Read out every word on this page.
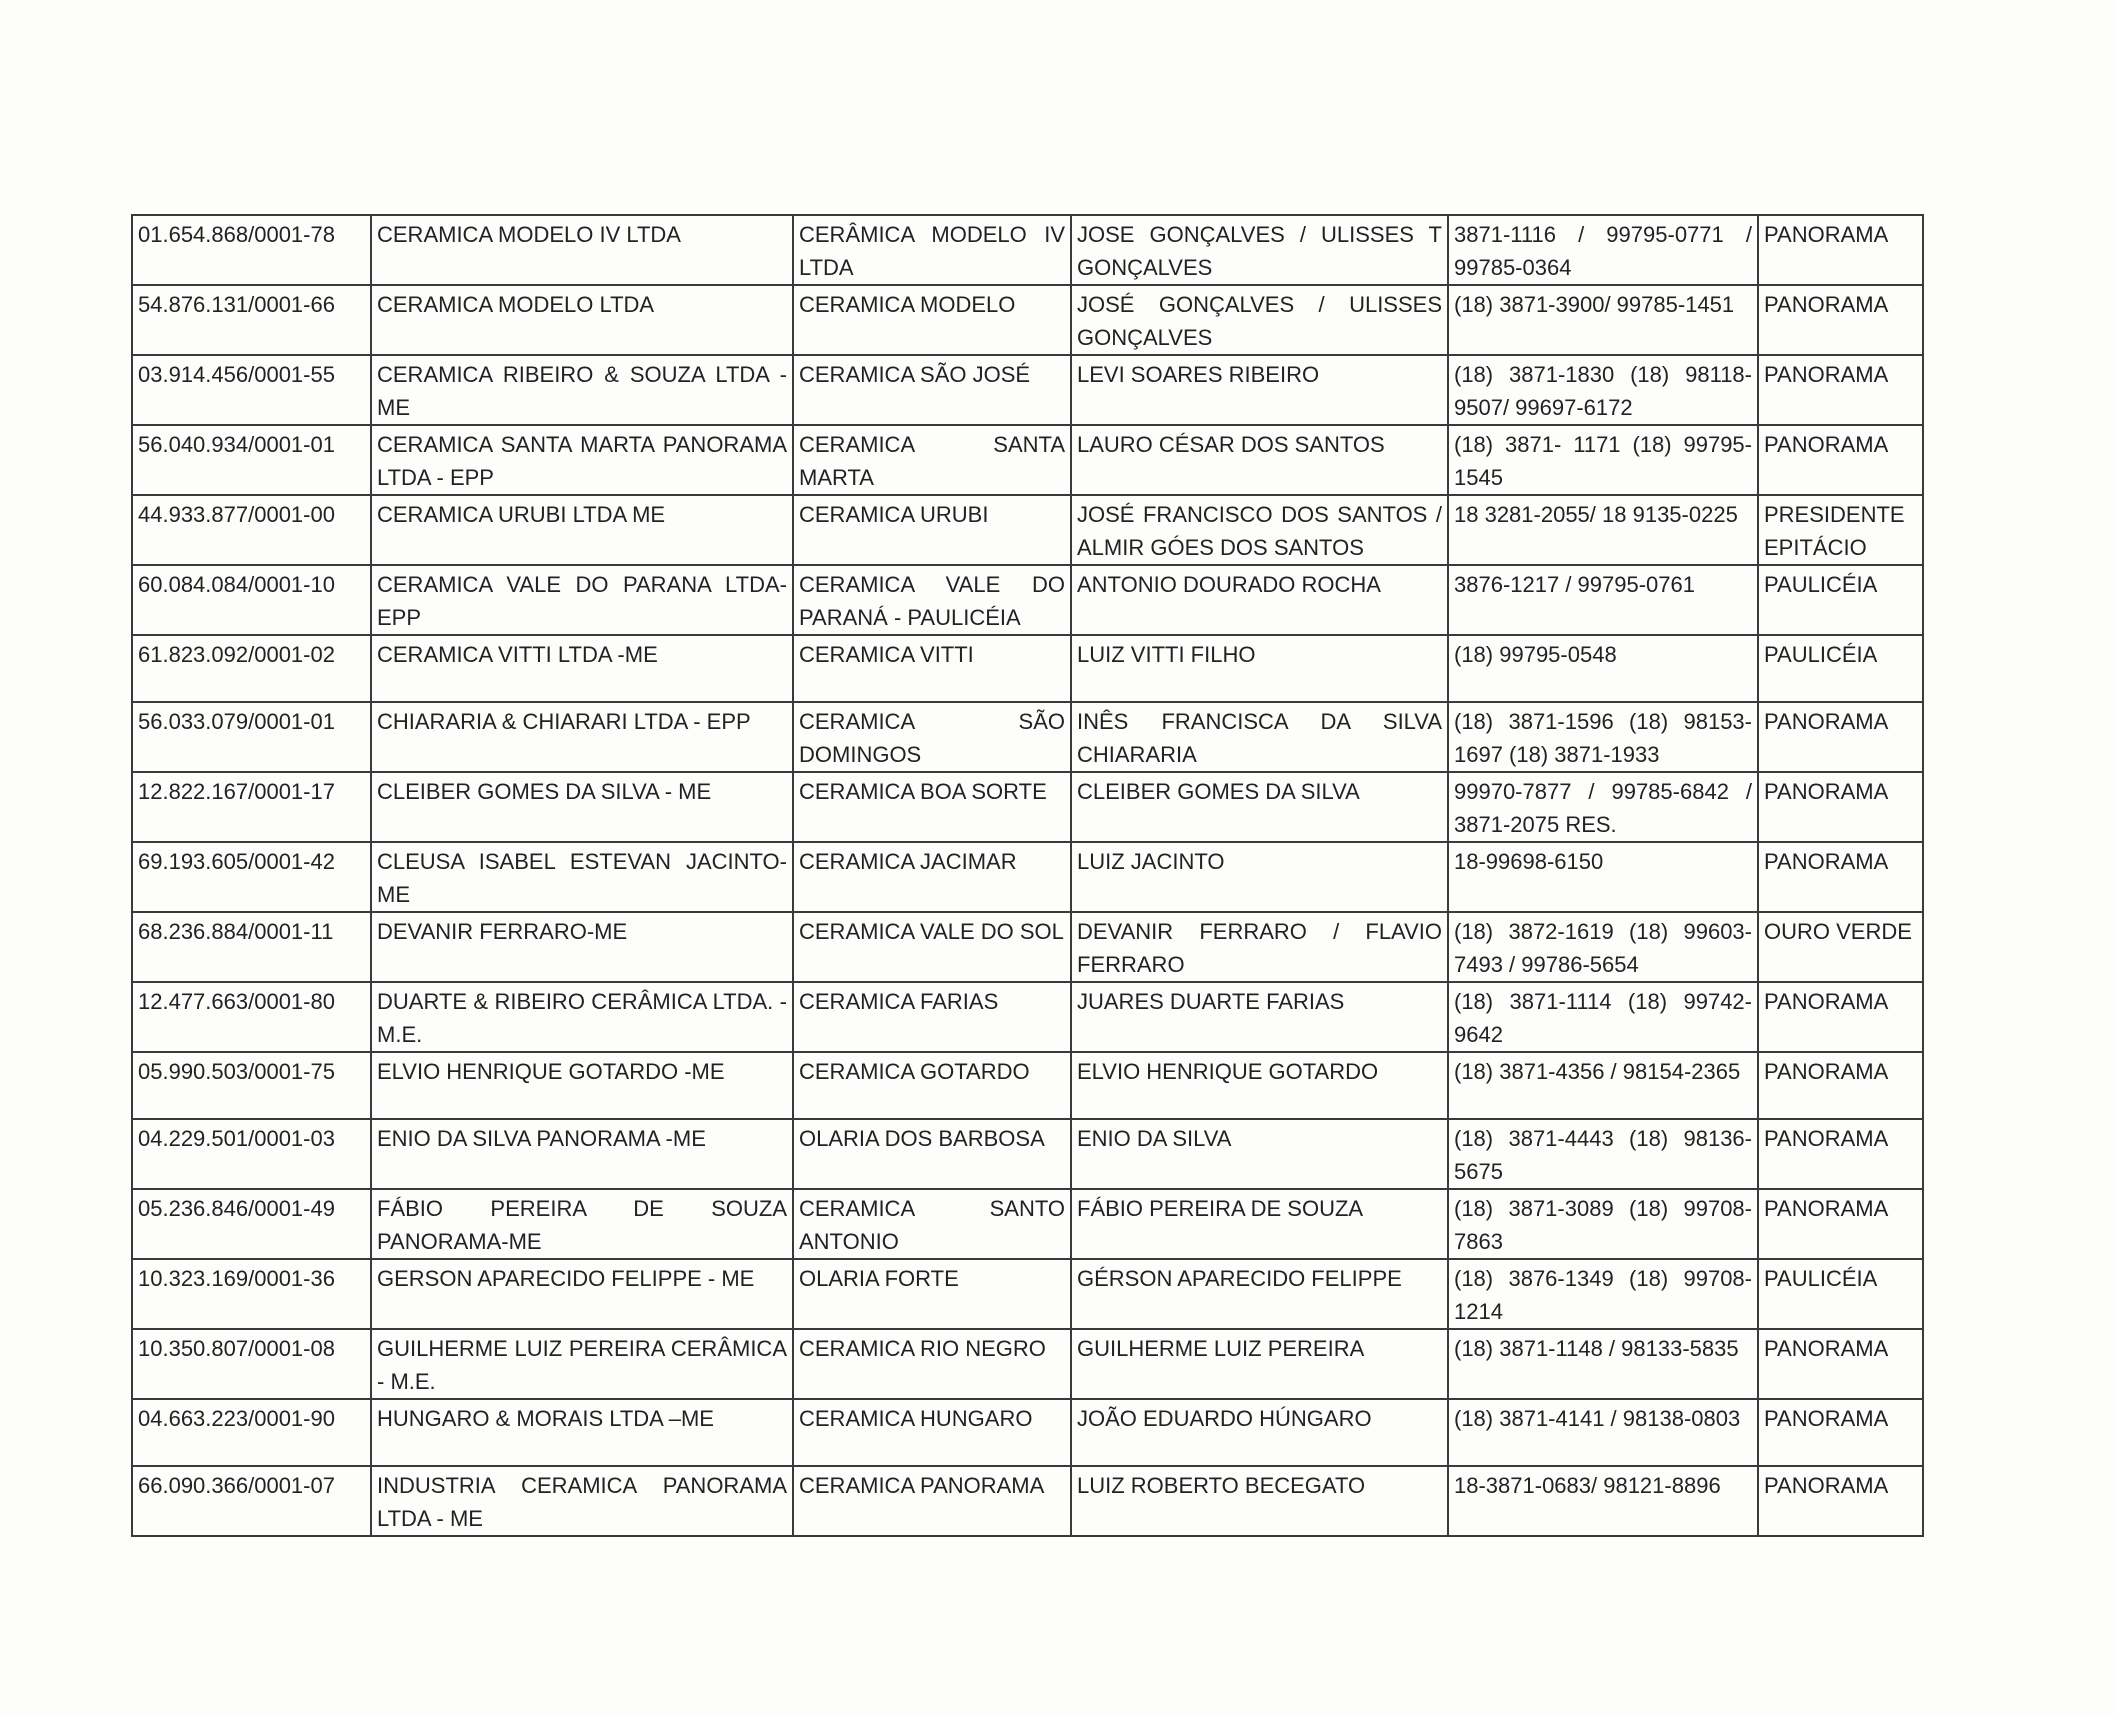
01.654.868/0001-78	CERAMICA MODELO IV LTDA	CERÂMICA MODELO IV LTDA	JOSE GONÇALVES / ULISSES T GONÇALVES	3871-1116 / 99795-0771 / 99785-0364	PANORAMA
54.876.131/0001-66	CERAMICA MODELO LTDA	CERAMICA MODELO	JOSÉ GONÇALVES / ULISSES GONÇALVES	(18) 3871-3900/ 99785-1451	PANORAMA
03.914.456/0001-55	CERAMICA RIBEIRO & SOUZA LTDA - ME	CERAMICA SÃO JOSÉ	LEVI SOARES RIBEIRO	(18) 3871-1830 (18) 98118-9507/ 99697-6172	PANORAMA
56.040.934/0001-01	CERAMICA SANTA MARTA PANORAMA LTDA - EPP	CERAMICA SANTA MARTA	LAURO CÉSAR DOS SANTOS	(18) 3871- 1171 (18) 99795-1545	PANORAMA
44.933.877/0001-00	CERAMICA URUBI LTDA ME	CERAMICA URUBI	JOSÉ FRANCISCO DOS SANTOS / ALMIR GÓES DOS SANTOS	18 3281-2055/ 18 9135-0225	PRESIDENTE EPITÁCIO
60.084.084/0001-10	CERAMICA VALE DO PARANA LTDA-EPP	CERAMICA VALE DO PARANÁ - PAULICÉIA	ANTONIO DOURADO ROCHA	3876-1217 / 99795-0761	PAULICÉIA
61.823.092/0001-02	CERAMICA VITTI LTDA -ME	CERAMICA VITTI	LUIZ VITTI FILHO	(18) 99795-0548	PAULICÉIA
56.033.079/0001-01	CHIARARIA & CHIARARI LTDA - EPP	CERAMICA SÃO DOMINGOS	INÊS FRANCISCA DA SILVA CHIARARIA	(18) 3871-1596 (18) 98153-1697 (18) 3871-1933	PANORAMA
12.822.167/0001-17	CLEIBER GOMES DA SILVA - ME	CERAMICA BOA SORTE	CLEIBER GOMES DA SILVA	99970-7877 / 99785-6842 / 3871-2075 RES.	PANORAMA
69.193.605/0001-42	CLEUSA ISABEL ESTEVAN JACINTO- ME	CERAMICA JACIMAR	LUIZ JACINTO	18-99698-6150	PANORAMA
68.236.884/0001-11	DEVANIR FERRARO-ME	CERAMICA VALE DO SOL	DEVANIR FERRARO / FLAVIO FERRARO	(18) 3872-1619 (18) 99603-7493 / 99786-5654	OURO VERDE
12.477.663/0001-80	DUARTE & RIBEIRO CERÂMICA LTDA. - M.E.	CERAMICA FARIAS	JUARES DUARTE FARIAS	(18) 3871-1114 (18) 99742-9642	PANORAMA
05.990.503/0001-75	ELVIO HENRIQUE GOTARDO -ME	CERAMICA GOTARDO	ELVIO HENRIQUE GOTARDO	(18) 3871-4356 / 98154-2365	PANORAMA
04.229.501/0001-03	ENIO DA SILVA PANORAMA -ME	OLARIA DOS BARBOSA	ENIO DA SILVA	(18) 3871-4443 (18) 98136-5675	PANORAMA
05.236.846/0001-49	FÁBIO PEREIRA DE SOUZA PANORAMA-ME	CERAMICA SANTO ANTONIO	FÁBIO PEREIRA DE SOUZA	(18) 3871-3089 (18) 99708-7863	PANORAMA
10.323.169/0001-36	GERSON APARECIDO FELIPPE - ME	OLARIA FORTE	GÉRSON APARECIDO FELIPPE	(18) 3876-1349 (18) 99708-1214	PAULICÉIA
10.350.807/0001-08	GUILHERME LUIZ PEREIRA CERÂMICA - M.E.	CERAMICA RIO NEGRO	GUILHERME LUIZ PEREIRA	(18) 3871-1148 / 98133-5835	PANORAMA
04.663.223/0001-90	HUNGARO & MORAIS LTDA –ME	CERAMICA HUNGARO	JOÃO EDUARDO HÚNGARO	(18) 3871-4141 / 98138-0803	PANORAMA
66.090.366/0001-07	INDUSTRIA CERAMICA PANORAMA LTDA - ME	CERAMICA PANORAMA	LUIZ ROBERTO BECEGATO	18-3871-0683/ 98121-8896	PANORAMA
